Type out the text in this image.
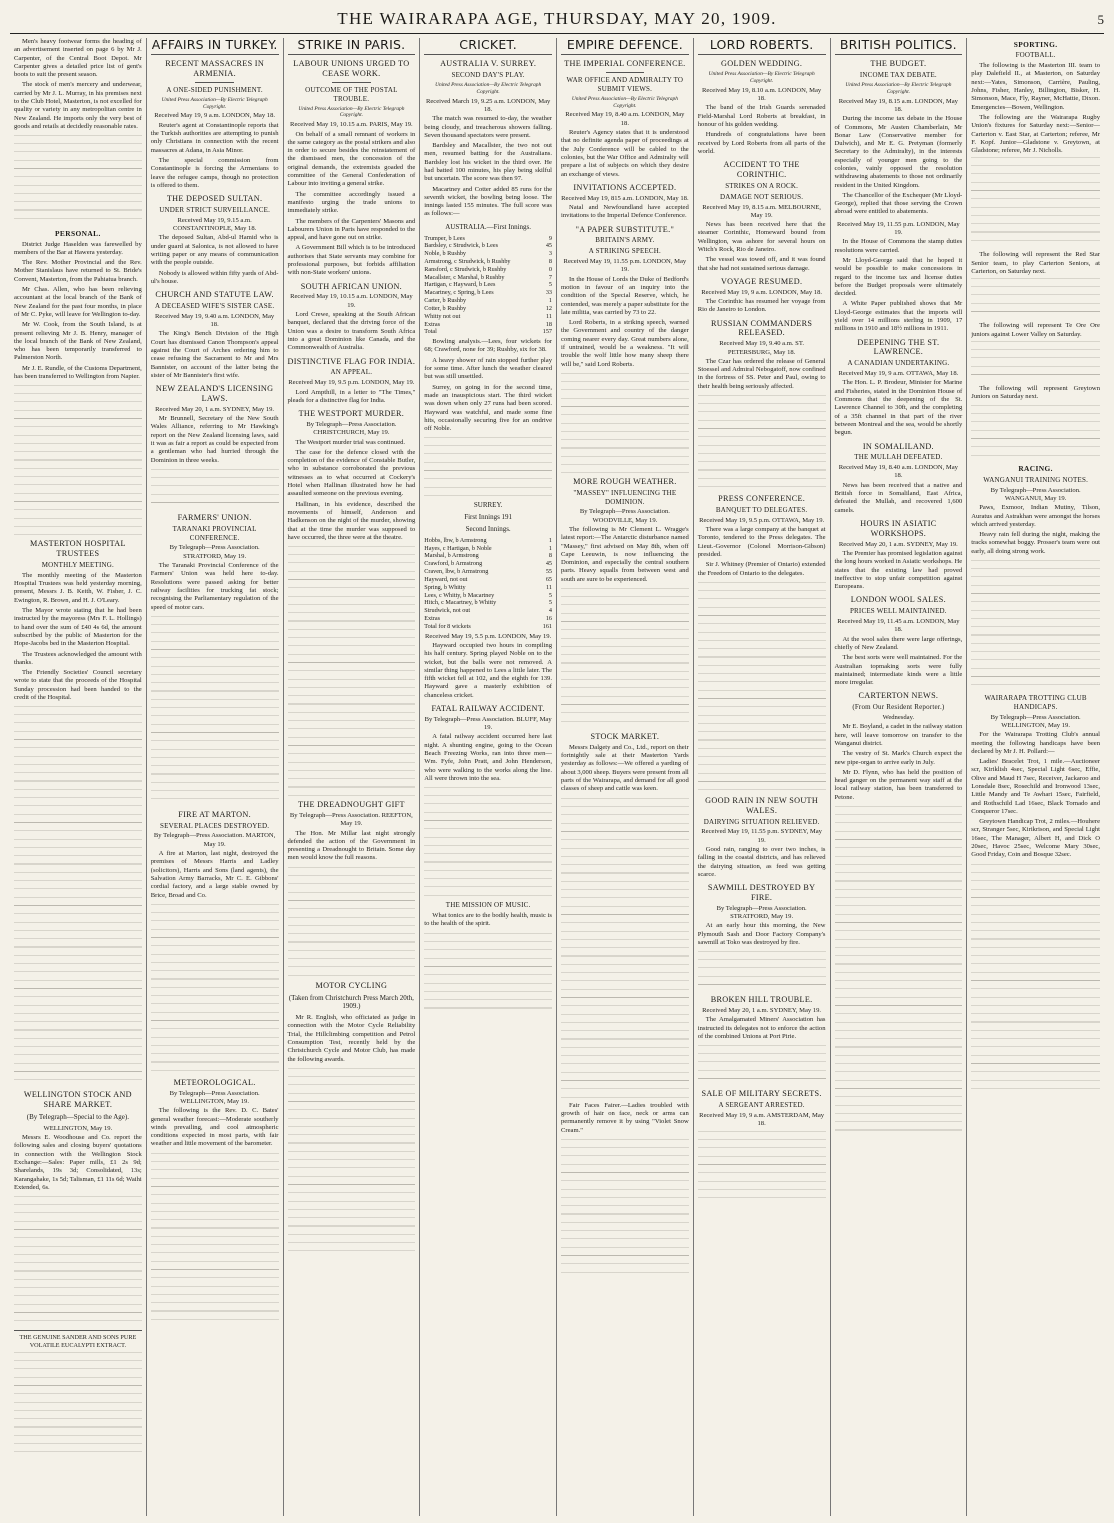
THE WAIRARAPA AGE, THURSDAY, MAY 20, 1909.	5

Men's heavy footwear forms the heading of an advertisement inserted on page 6 by Mr J. Carpenter, of the Central Boot Depot. Mr Carpenter gives a detailed price list of gent's boots to suit the present season.

The stock of men's mercery and underwear, carried by Mr J. L. Murray, in his premises next to the Club Hotel, Masterton, is not excelled for quality or variety in any metropolitan centre in New Zealand. He imports only the very best of goods and retails at decidedly reasonable rates.

PERSONAL.

District Judge Haselden was farewelled by members of the Bar at Hawera yesterday.

The Rev. Mother Provincial and the Rev. Mother Stanislaus have returned to St. Bride's Convent, Masterton, from the Pahiatua branch.

Mr Chas. Allen, who has been relieving accountant at the local branch of the Bank of New Zealand for the past four months, in place of Mr C. Pyke, will leave for Wellington to-day.

Mr W. Cook, from the South Island, is at present relieving Mr J. B. Henry, manager of the local branch of the Bank of New Zealand, who has been temporarily transferred to Palmerston North.

Mr J. E. Rundle, of the Customs Department, has been transferred to Wellington from Napier.

MASTERTON HOSPITAL TRUSTEES
MONTHLY MEETING.

The monthly meeting of the Masterton Hospital Trustees was held yesterday morning, present, Messrs J. B. Keith, W. Fisher, J. C. Ewington, R. Brown, and H. J. O'Leary.

The Mayor wrote stating that he had been instructed by the mayoress (Mrs F. L. Hollings) to hand over the sum of £40 4s 6d, the amount subscribed by the public of Masterton for the Hope-Jacobs bed in the Masterton Hospital.

The Trustees acknowledged the amount with thanks.

The Friendly Societies' Council secretary wrote to state that the proceeds of the Hospital Sunday procession had been handed to the credit of the Hospital.

WELLINGTON STOCK AND SHARE MARKET.
(By Telegraph—Special to the Age).
WELLINGTON, May 19.

Messrs E. Woodhouse and Co. report the following sales and closing buyers' quotations in connection with the Wellington Stock Exchange:—Sales: Paper mills, £1 2s 9d; Sharelands, 19s 3d; Consolidated, 13s; Karangahake, 1s 5d; Talisman, £1 11s 6d; Waihi Extended, 6s.

THE GENUINE SANDER AND SONS PURE VOLATILE EUCALYPTI EXTRACT.
AFFAIRS IN TURKEY.
RECENT MASSACRES IN ARMENIA.
A ONE-SIDED PUNISHMENT.
United Press Association—By Electric Telegraph Copyright.
Received May 19, 9 a.m. LONDON, May 18.

Reuter's agent at Constantinople reports that the Turkish authorities are attempting to punish only Christians in connection with the recent massacres at Adana, in Asia Minor.

The special commission from Constantinople is forcing the Armenians to leave the refugee camps, though no protection is offered to them.

THE DEPOSED SULTAN.
UNDER STRICT SURVEILLANCE.
Received May 19, 9.15 a.m. CONSTANTINOPLE, May 18.

The deposed Sultan, Abd-ul Hamid who is under guard at Salonica, is not allowed to have writing paper or any means of communication with the people outside.

Nobody is allowed within fifty yards of Abd-ul's house.

CHURCH AND STATUTE LAW.
A DECEASED WIFE'S SISTER CASE.
Received May 19, 9.40 a.m. LONDON, May 18.

The King's Bench Division of the High Court has dismissed Canon Thompson's appeal against the Court of Arches ordering him to cease refusing the Sacrament to Mr and Mrs Bannister, on account of the latter being the sister of Mr Bannister's first wife.

NEW ZEALAND'S LICENSING LAWS.
Received May 20, 1 a.m. SYDNEY, May 19.

Mr Brunnell, Secretary of the New South Wales Alliance, referring to Mr Hawking's report on the New Zealand licensing laws, said it was as fair a report as could be expected from a gentleman who had hurried through the Dominion in three weeks.

FARMERS' UNION.
TARANAKI PROVINCIAL CONFERENCE.
By Telegraph—Press Association. STRATFORD, May 19.

The Taranaki Provincial Conference of the Farmers' Union was held here to-day. Resolutions were passed asking for better railway facilities for trucking fat stock; recognising the Parliamentary regulation of the speed of motor cars.

FIRE AT MARTON.
SEVERAL PLACES DESTROYED.
By Telegraph—Press Association. MARTON, May 19.

A fire at Marton, last night, destroyed the premises of Messrs Harris and Ladley (solicitors), Harris and Sons (land agents), the Salvation Army Barracks, Mr C. E. Gibbons' cordial factory, and a large stable owned by Brice, Broad and Co.

METEOROLOGICAL.
By Telegraph—Press Association. WELLINGTON, May 19.

The following is the Rev. D. C. Bates' general weather forecast:—Moderate southerly winds prevailing, and cool atmospheric conditions expected in most parts, with fair weather and little movement of the barometer.

STRIKE IN PARIS.
LABOUR UNIONS URGED TO CEASE WORK.
OUTCOME OF THE POSTAL TROUBLE.
United Press Association—By Electric Telegraph Copyright.
Received May 19, 10.15 a.m. PARIS, May 19.

On behalf of a small remnant of workers in the same category as the postal strikers and also in order to secure besides the reinstatement of the dismissed men, the concession of the original demands, the extremists goaded the committee of the General Confederation of Labour into inviting a general strike.

The committee accordingly issued a manifesto urging the trade unions to immediately strike.

The members of the Carpenters' Masons and Labourers Union in Paris have responded to the appeal, and have gone out on strike.

A Government Bill which is to be introduced authorises that State servants may combine for professional purposes, but forbids affiliation with non-State workers' unions.

SOUTH AFRICAN UNION.
Received May 19, 10.15 a.m. LONDON, May 19.

Lord Crewe, speaking at the South African banquet, declared that the driving force of the Union was a desire to transform South Africa into a great Dominion like Canada, and the Commonwealth of Australia.

DISTINCTIVE FLAG FOR INDIA.
AN APPEAL.
Received May 19, 9.5 p.m. LONDON, May 19.

Lord Ampthill, in a letter to "The Times," pleads for a distinctive flag for India.

THE WESTPORT MURDER.
By Telegraph—Press Association. CHRISTCHURCH, May 19.

The Westport murder trial was continued.

The case for the defence closed with the completion of the evidence of Constable Butler, who in substance corroborated the previous witnesses as to what occurred at Cockery's Hotel when Hallinan illustrated how he had assaulted someone on the previous evening.

Hallinan, in his evidence, described the movements of himself, Anderson and Hadkenson on the night of the murder, showing that at the time the murder was supposed to have occurred, the three were at the theatre.

THE DREADNOUGHT GIFT
By Telegraph—Press Association. REEFTON, May 19.

The Hon. Mr Millar last night strongly defended the action of the Government in presenting a Dreadnought to Britain. Some day men would know the full reasons.

MOTOR CYCLING
(Taken from Christchurch Press March 20th, 1909.)

Mr R. English, who officiated as judge in connection with the Motor Cycle Reliability Trial, the Hillclimbing competition and Petrol Consumption Test, recently held by the Christchurch Cycle and Motor Club, has made the following awards.

CRICKET.
AUSTRALIA V. SURREY.
SECOND DAY'S PLAY.
United Press Association—By Electric Telegraph Copyright.
Received March 19, 9.25 a.m. LONDON, May 18.

The match was resumed to-day, the weather being cloudy, and treacherous showers falling. Seven thousand spectators were present.

Bardsley and Macallster, the two not out men, resumed batting for the Australians. Bardsley lost his wicket in the third over. He had batted 100 minutes, his play being skilful but uncertain. The score was then 97.

Macartney and Cotter added 85 runs for the seventh wicket, the bowling being loose. The innings lasted 155 minutes. The full score was as follows:—

AUSTRALIA.—First Innings.
Trumper, b Lees	9
Bardsley, c Strudwick, b Lees	45
Noble, b Rushby	3
Armstrong, c Strudwick, b Rushby	8
Ransford, c Strudwick, b Rushby	0
Macallster, c Marshal, b Rushby	7
Hartigan, c Hayward, b Lees	5
Macartney, c Spring, b Lees	33
Carter, b Rushby	1
Cotter, b Rushby	12
Whitty not out	11
Extras	18
Total	157

Bowling analysis.—Lees, four wickets for 68; Crawford, none for 39; Rushby, six for 38.

A heavy shower of rain stopped further play for some time. After lunch the weather cleared but was still unsettled.

Surrey, on going in for the second time, made an inauspicious start. The third wicket was down when only 27 runs had been scored. Hayward was watchful, and made some fine hits, occasionally securing five for an ondrive off Noble.

SURREY.
First Innings 191
Second Innings.
Hobbs, lbw, b Armstrong	1
Hayes, c Hartigan, b Noble	1
Marshal, b Armstrong	8
Crawford, b Armstrong	45
Craven, lbw, b Armstrong	55
Hayward, not out	65
Spring, b Whitty	11
Lees, c Whitty, b Macartney	5
Hitch, c Macartney, b Whitty	5
Strudwick, not out	4
Extras	16
Total for 8 wickets	161
Received May 19, 5.5 p.m. LONDON, May 19.

Hayward occupied two hours in compiling his half century. Spring played Noble on to the wicket, but the balls were not removed. A similar thing happened to Lees a little later. The fifth wicket fell at 102, and the eighth for 139. Hayward gave a masterly exhibition of chanceless cricket.

FATAL RAILWAY ACCIDENT.
By Telegraph—Press Association. BLUFF, May 19.

A fatal railway accident occurred here last night. A shunting engine, going to the Ocean Beach Freezing Works, ran into three men—Wm. Fyfe, John Pratt, and John Henderson, who were walking to the works along the line. All were thrown into the sea.

THE MISSION OF MUSIC.

What tonics are to the bodily health, music is to the health of the spirit.

EMPIRE DEFENCE.
THE IMPERIAL CONFERENCE.
WAR OFFICE AND ADMIRALTY TO SUBMIT VIEWS.
United Press Association—By Electric Telegraph Copyright.
Received May 19, 8.40 a.m. LONDON, May 18.

Reuter's Agency states that it is understood that no definite agenda paper of proceedings at the July Conference will be cabled to the colonies, but the War Office and Admiralty will prepare a list of subjects on which they desire an exchange of views.

INVITATIONS ACCEPTED.
Received May 19, 815 a.m. LONDON, May 18.

Natal and Newfoundland have accepted invitations to the Imperial Defence Conference.

"A PAPER SUBSTITUTE."
BRITAIN'S ARMY.
A STRIKING SPEECH.
Received May 19, 11.55 p.m. LONDON, May 19.

In the House of Lords the Duke of Bedford's motion in favour of an inquiry into the condition of the Special Reserve, which, he contended, was merely a paper substitute for the late militia, was carried by 73 to 22.

Lord Roberts, in a striking speech, warned the Government and country of the danger coming nearer every day. Great numbers alone, if untrained, would be a weakness. "It will trouble the wolf little how many sheep there will be," said Lord Roberts.

MORE ROUGH WEATHER.
"MASSEY" INFLUENCING THE DOMINION.
By Telegraph—Press Association. WOODVILLE, May 19.

The following is Mr Clement L. Wragge's latest report:—The Antarctic disturbance named "Massey," first advised on May 8th, when off Cape Leeuwin, is now influencing the Dominion, and especially the central southern parts. Heavy squalls from between west and south are sure to be experienced.

STOCK MARKET.

Messrs Dalgety and Co., Ltd., report on their fortnightly sale at their Masterton Yards yesterday as follows:—We offered a yarding of about 3,000 sheep. Buyers were present from all parts of the Wairarapa, and demand for all good classes of sheep and cattle was keen.

Fair Faces Fairer.—Ladies troubled with growth of hair on face, neck or arms can permanently remove it by using "Violet Snow Cream."

LORD ROBERTS.
GOLDEN WEDDING.
United Press Association—By Electric Telegraph Copyright.
Received May 19, 8.10 a.m. LONDON, May 18.

The band of the Irish Guards serenaded Field-Marshal Lord Roberts at breakfast, in honour of his golden wedding.

Hundreds of congratulations have been received by Lord Roberts from all parts of the world.

ACCIDENT TO THE CORINTHIC.
STRIKES ON A ROCK.
DAMAGE NOT SERIOUS.
Received May 19, 8.15 a.m. MELBOURNE, May 19.

News has been received here that the steamer Corinthic, Homeward bound from Wellington, was ashore for several hours on Witch's Rock, Rio de Janeiro.

The vessel was towed off, and it was found that she had not sustained serious damage.

VOYAGE RESUMED.
Received May 19, 9 a.m. LONDON, May 18.

The Corinthic has resumed her voyage from Rio de Janeiro to London.

RUSSIAN COMMANDERS RELEASED.
Received May 19, 9.40 a.m. ST. PETERSBURG, May 18.

The Czar has ordered the release of General Stoessel and Admiral Nebogatoff, now confined in the fortress of SS. Peter and Paul, owing to their health being seriously affected.

PRESS CONFERENCE.
BANQUET TO DELEGATES.
Received May 19, 9.5 p.m. OTTAWA, May 19.

There was a large company at the banquet at Toronto, tendered to the Press delegates. The Lieut.-Governor (Colonel Morrison-Gibson) presided.

Sir J. Whitney (Premier of Ontario) extended the Freedom of Ontario to the delegates.

GOOD RAIN IN NEW SOUTH WALES.
DAIRYING SITUATION RELIEVED.
Received May 19, 11.55 p.m. SYDNEY, May 19.

Good rain, ranging to over two inches, is falling in the coastal districts, and has relieved the dairying situation, as feed was getting scarce.

SAWMILL DESTROYED BY FIRE.
By Telegraph—Press Association. STRATFORD, May 19.

At an early hour this morning, the New Plymouth Sash and Door Factory Company's sawmill at Toko was destroyed by fire.

BROKEN HILL TROUBLE.
Received May 20, 1 a.m. SYDNEY, May 19.

The Amalgamated Miners' Association has instructed its delegates not to enforce the action of the combined Unions at Port Pirie.

SALE OF MILITARY SECRETS.
A SERGEANT ARRESTED.
Received May 19, 9 a.m. AMSTERDAM, May 18.
BRITISH POLITICS.
THE BUDGET.
INCOME TAX DEBATE.
United Press Association—By Electric Telegraph Copyright.
Received May 19, 8.15 a.m. LONDON, May 18.

During the income tax debate in the House of Commons, Mr Austen Chamberlain, Mr Bonar Law (Conservative member for Dulwich), and Mr E. G. Pretyman (formerly Secretary to the Admiralty), in the interests especially of younger men going to the colonies, vainly opposed the resolution withdrawing abatements to those not ordinarily resident in the United Kingdom.

The Chancellor of the Exchequer (Mr Lloyd-George), replied that those serving the Crown abroad were entitled to abatements.

Received May 19, 11.55 p.m. LONDON, May 19.

In the House of Commons the stamp duties resolutions were carried.

Mr Lloyd-George said that he hoped it would be possible to make concessions in regard to the income tax and license duties before the Budget proposals were ultimately decided.

A White Paper published shows that Mr Lloyd-George estimates that the imports will yield over 14 millions sterling in 1909, 17 millions in 1910 and 18½ millions in 1911.

DEEPENING THE ST. LAWRENCE.
A CANADIAN UNDERTAKING.
Received May 19, 9 a.m. OTTAWA, May 18.

The Hon. L. P. Brodeur, Minister for Marine and Fisheries, stated in the Dominion House of Commons that the deepening of the St. Lawrence Channel to 30ft, and the completing of a 35ft channel in that part of the river between Montreal and the sea, would be shortly begun.

IN SOMALILAND.
THE MULLAH DEFEATED.
Received May 19, 8.40 a.m. LONDON, May 18.

News has been received that a native and British force in Somaliland, East Africa, defeated the Mullah, and recovered 1,600 camels.

HOURS IN ASIATIC WORKSHOPS.
Received May 20, 1 a.m. SYDNEY, May 19.

The Premier has promised legislation against the long hours worked in Asiatic workshops. He states that the existing law had proved ineffective to stop unfair competition against Europeans.

LONDON WOOL SALES.
PRICES WELL MAINTAINED.
Received May 19, 11.45 a.m. LONDON, May 18.

At the wool sales there were large offerings, chiefly of New Zealand.

The best sorts were well maintained. For the Australian topmaking sorts were fully maintained; intermediate kinds were a little more irregular.

CARTERTON NEWS.
(From Our Resident Reporter.)
Wednesday.

Mr E. Boyland, a cadet in the railway station here, will leave tomorrow on transfer to the Wanganui district.

The vestry of St. Mark's Church expect the new pipe-organ to arrive early in July.

Mr D. Flynn, who has held the position of head ganger on the permanent way staff at the local railway station, has been transferred to Petone.

SPORTING.
FOOTBALL.

The following is the Masterton III. team to play Dalefield II., at Masterton, on Saturday next:—Yates, Simonson, Carrière, Pauling, Johns, Fisher, Hanley, Billington, Bisker, H. Simonson, Mace, Fly, Rayner, McHattie, Dixon. Emergencies—Bowen, Wellington.

The following are the Wairarapa Rugby Union's fixtures for Saturday next:—Senior—Carterton v. East Star, at Carterton; referee, Mr F. Kopf. Junior—Gladstone v. Greytown, at Gladstone; referee, Mr J. Nicholls.

The following will represent the Red Star Senior team, to play Carterton Seniors, at Carterton, on Saturday next.

The following will represent Te Ore Ore juniors against Lower Valley on Saturday.

The following will represent Greytown Juniors on Saturday next.

RACING.
WANGANUI TRAINING NOTES.
By Telegraph—Press Association. WANGANUI, May 19.

Paws, Exmoor, Indian Mutiny, Tilson, Auratus and Astrakhan were amongst the horses which arrived yesterday.

Heavy rain fell during the night, making the tracks somewhat boggy. Prosser's team were out early, all doing strong work.

WAIRARAPA TROTTING CLUB HANDICAPS.
By Telegraph—Press Association. WELLINGTON, May 19.

For the Wairarapa Trotting Club's annual meeting the following handicaps have been declared by Mr J. H. Pollard:—

Ladies' Bracelet Trot, 1 mile.—Auctioneer scr, Kiriklish 4sec, Special Light 6sec, Effie, Olive and Maud H 7sec, Receiver, Jackaroo and Lonsdale 8sec, Rosechild and Ironwood 13sec, Little Mandy and Te Awhari 15sec, Fairfield, and Rothschild Lad 16sec, Black Tornado and Conqueror 17sec.

Greytown Handicap Trot, 2 miles.—Houhere scr, Stranger 5sec, Kirikrison, and Special Light 16sec, The Manager, Albert H, and Dick O 20sec, Havoc 25sec, Welcome Mary 30sec, Good Friday, Coin and Bosque 32sec.
